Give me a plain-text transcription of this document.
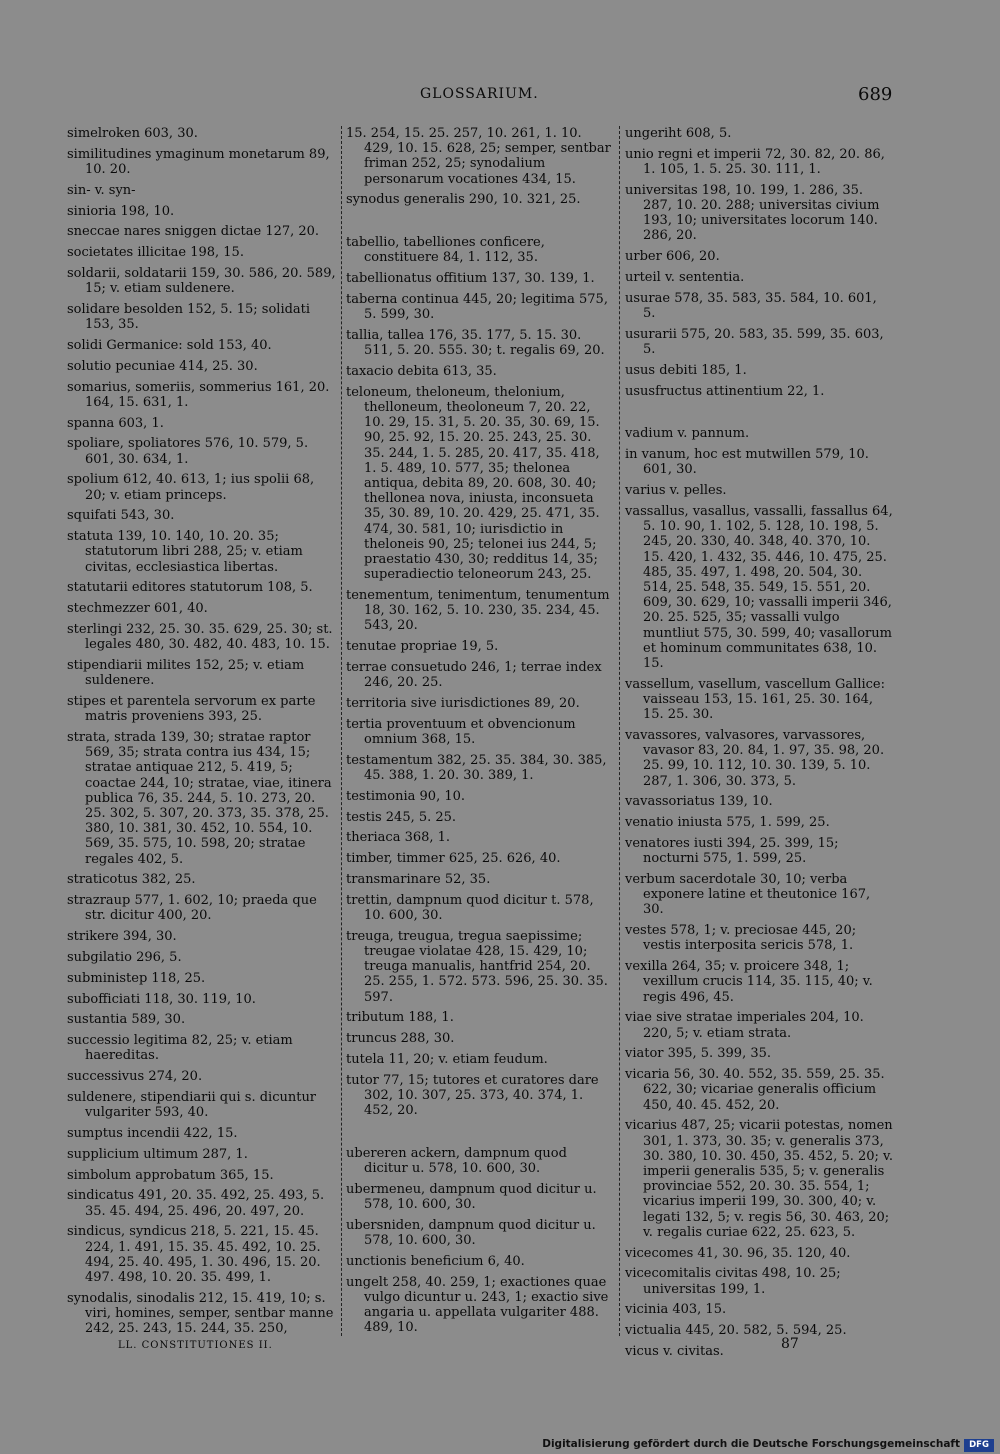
GLOSSARIUM.	689
simelroken 603, 30.
similitudines ymaginum monetarum 89, 10. 20.
sin- v. syn-
sinioria 198, 10.
sneccae nares sniggen dictae 127, 20.
societates illicitae 198, 15.
soldarii, soldatarii 159, 30. 586, 20. 589, 15; v. etiam suldenere.
solidare besolden 152, 5. 15; solidati 153, 35.
solidi Germanice: sold 153, 40.
solutio pecuniae 414, 25. 30.
somarius, someriis, sommerius 161, 20. 164, 15. 631, 1.
spanna 603, 1.
spoliare, spoliatores 576, 10. 579, 5. 601, 30. 634, 1.
spolium 612, 40. 613, 1; ius spolii 68, 20; v. etiam princeps.
squifati 543, 30.
statuta 139, 10. 140, 10. 20. 35; statutorum libri 288, 25; v. etiam civitas, ecclesiastica libertas.
statutarii editores statutorum 108, 5.
stechmezzer 601, 40.
sterlingi 232, 25. 30. 35. 629, 25. 30; st. legales 480, 30. 482, 40. 483, 10. 15.
stipendiarii milites 152, 25; v. etiam suldenere.
stipes et parentela servorum ex parte matris proveniens 393, 25.
strata, strada 139, 30; stratae raptor 569, 35; strata contra ius 434, 15; stratae antiquae 212, 5. 419, 5; coactae 244, 10; stratae, viae, itinera publica 76, 35. 244, 5. 10. 273, 20. 25. 302, 5. 307, 20. 373, 35. 378, 25. 380, 10. 381, 30. 452, 10. 554, 10. 569, 35. 575, 10. 598, 20; stratae regales 402, 5.
straticotus 382, 25.
strazraup 577, 1. 602, 10; praeda que str. dicitur 400, 20.
strikere 394, 30.
subgilatio 296, 5.
subministeр 118, 25.
subofficiati 118, 30. 119, 10.
sustantia 589, 30.
successio legitima 82, 25; v. etiam haereditas.
successivus 274, 20.
suldenere, stipendiarii qui s. dicuntur vulgariter 593, 40.
sumptus incendii 422, 15.
supplicium ultimum 287, 1.
simbolum approbatum 365, 15.
sindicatus 491, 20. 35. 492, 25. 493, 5. 35. 45. 494, 25. 496, 20. 497, 20.
sindicus, syndicus 218, 5. 221, 15. 45. 224, 1. 491, 15. 35. 45. 492, 10. 25. 494, 25. 40. 495, 1. 30. 496, 15. 20. 497. 498, 10. 20. 35. 499, 1.
synodalis, sinodalis 212, 15. 419, 10; s. viri, homines, semper, sentbar manne 242, 25. 243, 15. 244, 35. 250,
15. 254, 15. 25. 257, 10. 261, 1. 10. 429, 10. 15. 628, 25; semper, sentbar friman 252, 25; synodalium personarum vocationes 434, 15.
synodus generalis 290, 10. 321, 25.
tabellio, tabelliones conficere, constituere 84, 1. 112, 35.
tabellionatus offitium 137, 30. 139, 1.
taberna continua 445, 20; legitima 575, 5. 599, 30.
tallia, tallea 176, 35. 177, 5. 15. 30. 511, 5. 20. 555. 30; t. regalis 69, 20.
taxacio debita 613, 35.
teloneum, theloneum, thelonium, thelloneum, theoloneum 7, 20. 22, 10. 29, 15. 31, 5. 20. 35, 30. 69, 15. 90, 25. 92, 15. 20. 25. 243, 25. 30. 35. 244, 1. 5. 285, 20. 417, 35. 418, 1. 5. 489, 10. 577, 35; thelonea antiqua, debita 89, 20. 608, 30. 40; thellonea nova, iniusta, inconsueta 35, 30. 89, 10. 20. 429, 25. 471, 35. 474, 30. 581, 10; iurisdictio in theloneis 90, 25; telonei ius 244, 5; praestatio 430, 30; redditus 14, 35; superadiectio teloneorum 243, 25.
tenementum, tenimentum, tenumentum 18, 30. 162, 5. 10. 230, 35. 234, 45. 543, 20.
tenutae propriae 19, 5.
terrae consuetudo 246, 1; terrae index 246, 20. 25.
territoria sive iurisdictiones 89, 20.
tertia proventuum et obvencionum omnium 368, 15.
testamentum 382, 25. 35. 384, 30. 385, 45. 388, 1. 20. 30. 389, 1.
testimonia 90, 10.
testis 245, 5. 25.
theriaca 368, 1.
timber, timmer 625, 25. 626, 40.
transmarinare 52, 35.
trettin, dampnum quod dicitur t. 578, 10. 600, 30.
treuga, treugua, tregua saepissime; treugae violatae 428, 15. 429, 10; treuga manualis, hantfrid 254, 20. 25. 255, 1. 572. 573. 596, 25. 30. 35. 597.
tributum 188, 1.
truncus 288, 30.
tutela 11, 20; v. etiam feudum.
tutor 77, 15; tutores et curatores dare 302, 10. 307, 25. 373, 40. 374, 1. 452, 20.
ubereren ackern, dampnum quod dicitur u. 578, 10. 600, 30.
ubermeneu, dampnum quod dicitur u. 578, 10. 600, 30.
ubersniden, dampnum quod dicitur u. 578, 10. 600, 30.
unctionis beneficium 6, 40.
ungelt 258, 40. 259, 1; exactiones quae vulgo dicuntur u. 243, 1; exactio sive angaria u. appellata vulgariter 488. 489, 10.
ungeriht 608, 5.
unio regni et imperii 72, 30. 82, 20. 86, 1. 105, 1. 5. 25. 30. 111, 1.
universitas 198, 10. 199, 1. 286, 35. 287, 10. 20. 288; universitas civium 193, 10; universitates locorum 140. 286, 20.
urber 606, 20.
urteil v. sententia.
usurae 578, 35. 583, 35. 584, 10. 601, 5.
usurarii 575, 20. 583, 35. 599, 35. 603, 5.
usus debiti 185, 1.
ususfructus attinentium 22, 1.
vadium v. pannum.
in vanum, hoc est mutwillen 579, 10. 601, 30.
varius v. pelles.
vassallus, vasallus, vassalli, fassallus 64, 5. 10. 90, 1. 102, 5. 128, 10. 198, 5. 245, 20. 330, 40. 348, 40. 370, 10. 15. 420, 1. 432, 35. 446, 10. 475, 25. 485, 35. 497, 1. 498, 20. 504, 30. 514, 25. 548, 35. 549, 15. 551, 20. 609, 30. 629, 10; vassalli imperii 346, 20. 25. 525, 35; vassalli vulgo muntliut 575, 30. 599, 40; vasallorum et hominum communitates 638, 10. 15.
vassellum, vasellum, vascellum Gallice: vaisseau 153, 15. 161, 25. 30. 164, 15. 25. 30.
vavassores, valvasores, varvassores, vavasor 83, 20. 84, 1. 97, 35. 98, 20. 25. 99, 10. 112, 10. 30. 139, 5. 10. 287, 1. 306, 30. 373, 5.
vavassoriatus 139, 10.
venatio iniusta 575, 1. 599, 25.
venatores iusti 394, 25. 399, 15; nocturni 575, 1. 599, 25.
verbum sacerdotale 30, 10; verba exponere latine et theutonice 167, 30.
vestes 578, 1; v. preciosae 445, 20; vestis interposita sericis 578, 1.
vexilla 264, 35; v. proicere 348, 1; vexillum crucis 114, 35. 115, 40; v. regis 496, 45.
viae sive stratae imperiales 204, 10. 220, 5; v. etiam strata.
viator 395, 5. 399, 35.
vicaria 56, 30. 40. 552, 35. 559, 25. 35. 622, 30; vicariae generalis officium 450, 40. 45. 452, 20.
vicarius 487, 25; vicarii potestas, nomen 301, 1. 373, 30. 35; v. generalis 373, 30. 380, 10. 30. 450, 35. 452, 5. 20; v. imperii generalis 535, 5; v. generalis provinciae 552, 20. 30. 35. 554, 1; vicarius imperii 199, 30. 300, 40; v. legati 132, 5; v. regis 56, 30. 463, 20; v. regalis curiae 622, 25. 623, 5.
vicecomes 41, 30. 96, 35. 120, 40.
vicecomitalis civitas 498, 10. 25; universitas 199, 1.
vicinia 403, 15.
victualia 445, 20. 582, 5. 594, 25.
vicus v. civitas.
LL. CONSTITUTIONES II.	87
Digitalisierung gefördert durch die Deutsche Forschungsgemeinschaft	DFG
